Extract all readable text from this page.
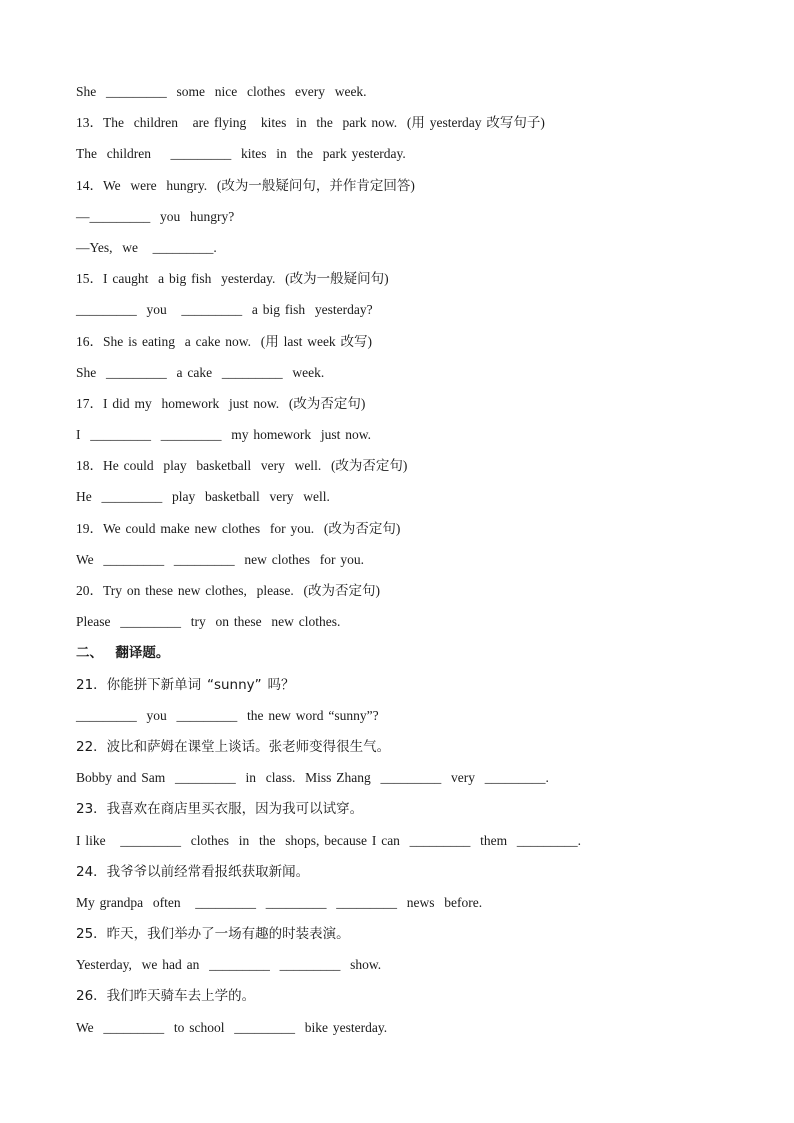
She  _________  some  nice  clothes  every  week.
13．The  children   are flying   kites  in  the  park now.  (用 yesterday 改写句子)
The  children    _________  kites  in  the  park yesterday.
14．We  were  hungry.  (改为一般疑问句，并作肯定回答)
—_________  you  hungry?
—Yes,  we   _________.
15．I caught  a big fish  yesterday.  (改为一般疑问句)
_________  you   _________  a big fish  yesterday?
16．She is eating  a cake now.  (用 last week 改写)
She  _________  a cake  _________  week.
17．I did my  homework  just now.  (改为否定句)
I  _________  _________  my homework  just now.
18．He could  play  basketball  very  well.  (改为否定句)
He  _________  play  basketball  very  well.
19．We could make new clothes  for you.  (改为否定句)
We  _________  _________  new clothes  for you.
20．Try on these new clothes,  please.  (改为否定句)
Please  _________  try  on these  new clothes.
二、  翻译题。
21．你能拼下新单词 “sunny” 吗？
_________  you  _________  the new word “sunny”?
22．波比和萨姆在课堂上谈话。张老师变得很生气。
Bobby and Sam  _________  in  class.  Miss Zhang  _________  very  _________.
23．我喜欢在商店里买衣服，因为我可以试穿。
I like   _________  clothes  in  the  shops, because I can  _________  them  _________.
24．我爷爷以前经常看报纸获取新闻。
My grandpa  often   _________  _________  _________  news  before.
25．昨天，我们举办了一场有趣的时装表演。
Yesterday,  we had an  _________  _________  show.
26．我们昨天骑车去上学的。
We  _________  to school  _________  bike yesterday.
